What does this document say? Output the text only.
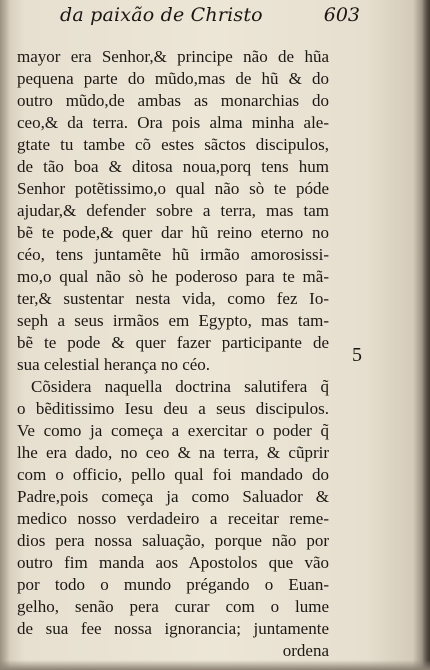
da paixão de Christo	603
mayor era Senhor,& principe não de hũa
pequena parte do mũdo,mas de hũ & do
outro mũdo,de ambas as monarchias do
ceo,& da terra. Ora pois alma minha ale-
gtate tu tambe cõ estes sãctos discipulos,
de tão boa & ditosa noua,porq tens hum
Senhor potẽtissimo,o qual não sò te póde
ajudar,& defender sobre a terra, mas tam
bẽ te pode,& quer dar hũ reino eterno no
céo, tens juntamẽte hũ irmão amorosissi-
mo,o qual não sò he poderoso para te mã-
ter,& sustentar nesta vida, como fez Io-
seph a seus irmãos em Egypto, mas tam-
bẽ te pode & quer fazer participante de
sua celestial herança no céo.
Cõsidera naquella doctrina salutifera q̃
o bẽditissimo Iesu deu a seus discipulos.
Ve como ja começa a exercitar o poder q̃
lhe era dado, no ceo & na terra, & cũprir
com o officio, pello qual foi mandado do
Padre,pois começa ja como Saluador &
medico nosso verdadeiro a receitar reme-
dios pera nossa saluação, porque não por
outro fim manda aos Apostolos que vão
por todo o mundo prégando o Euan-
gelho, senão pera curar com o lume
de sua fee nossa ignorancia; juntamente
ordena
5
